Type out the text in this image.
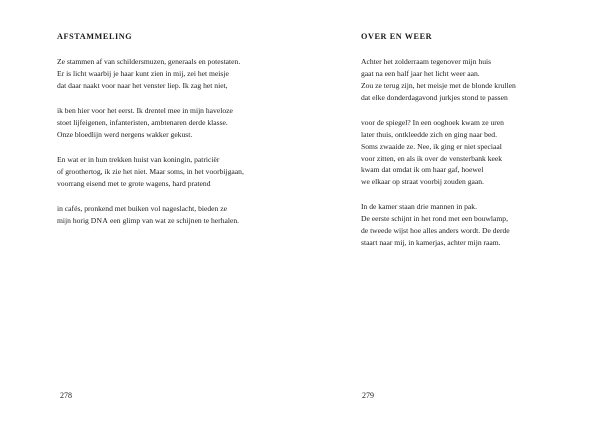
AFSTAMMELING
Ze stammen af van schildersmuzen, generaals en potestaten.
Er is licht waarbij je haar kunt zien in mij, zei het meisje
dat daar naakt voor naar het venster liep. Ik zag het niet,
ik ben hier voor het eerst. Ik drentel mee in mijn haveloze
stoet lijfeigenen, infanteristen, ambtenaren derde klasse.
Onze bloedlijn werd nergens wakker gekust.
En wat er in hun trekken huist van koningin, patriciër
of groothertog, ik zie het niet. Maar soms, in het voorbijgaan,
voorrang eisend met te grote wagens, hard pratend
in cafés, pronkend met buiken vol nageslacht, bieden ze
mijn horig DNA een glimp van wat ze schijnen te herhalen.
278
OVER EN WEER
Achter het zolderraam tegenover mijn huis
gaat na een half jaar het licht weer aan.
Zou ze terug zijn, het meisje met de blonde krullen
dat elke donderdagavond jurkjes stond te passen
voor de spiegel? In een ooghoek kwam ze uren
later thuis, ontkleedde zich en ging naar bed.
Soms zwaaide ze. Nee, ik ging er niet speciaal
voor zitten, en als ik over de vensterbank keek
kwam dat omdat ik om haar gaf, hoewel
we elkaar op straat voorbij zouden gaan.
In de kamer staan drie mannen in pak.
De eerste schijnt in het rond met een bouwlamp,
de tweede wijst hoe alles anders wordt. De derde
staart naar mij, in kamerjas, achter mijn raam.
279
